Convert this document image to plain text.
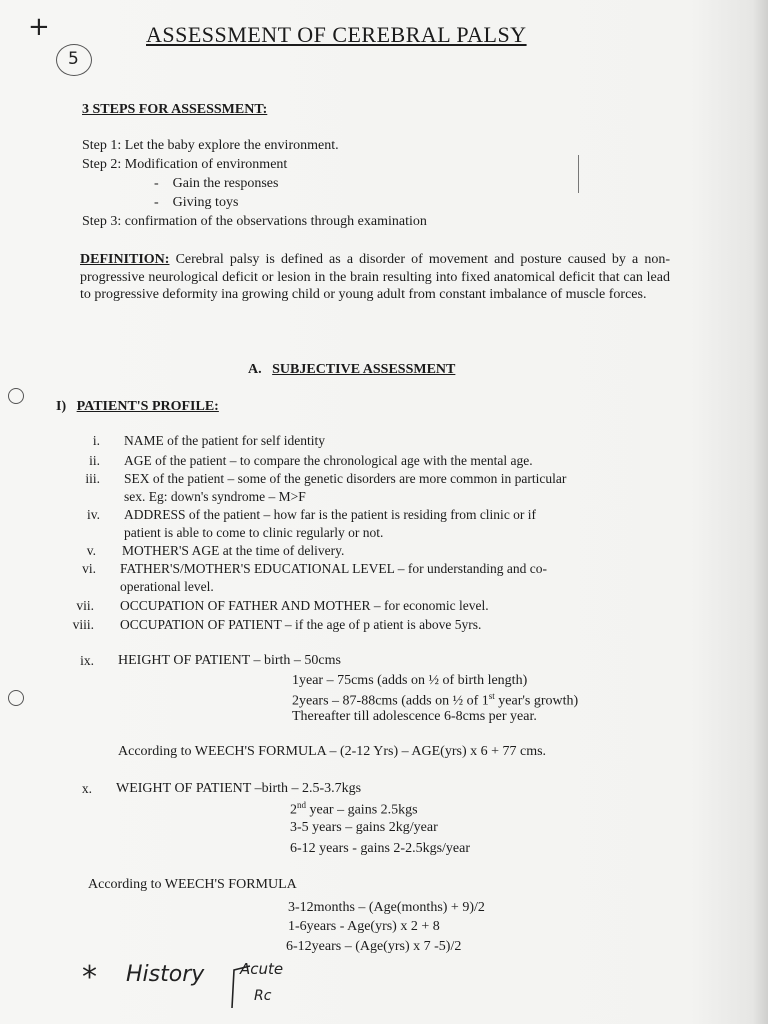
+
5
ASSESSMENT OF CEREBRAL PALSY
3 STEPS FOR ASSESSMENT:
Step 1: Let the baby explore the environment.
Step 2: Modification of environment
-    Gain the responses
-    Giving toys
Step 3: confirmation of the observations through examination
DEFINITION: Cerebral palsy is defined as a disorder of movement and posture caused by a non-progressive neurological deficit or lesion in the brain resulting into fixed anatomical deficit that can lead to progressive deformity ina growing child or young adult from constant imbalance of muscle forces.
A. SUBJECTIVE ASSESSMENT
I) PATIENT'S PROFILE:
i. NAME of the patient for self identity
ii. AGE of the patient – to compare the chronological age with the mental age.
iii. SEX of the patient – some of the genetic disorders are more common in particular
sex. Eg: down's syndrome – M>F
iv. ADDRESS of the patient – how far is the patient is residing from clinic or if
patient is able to come to clinic regularly or not.
v. MOTHER'S AGE at the time of delivery.
vi. FATHER'S/MOTHER'S EDUCATIONAL LEVEL – for understanding and co-
operational level.
vii. OCCUPATION OF FATHER AND MOTHER – for economic level.
viii. OCCUPATION OF PATIENT – if the age of p atient is above 5yrs.
ix. HEIGHT OF PATIENT – birth – 50cms
1year – 75cms (adds on ½ of birth length)
2years – 87-88cms (adds on ½ of 1st year's growth)
Thereafter till adolescence 6-8cms per year.
According to WEECH'S FORMULA – (2-12 Yrs) – AGE(yrs) x 6 + 77 cms.
x. WEIGHT OF PATIENT –birth – 2.5-3.7kgs
2nd year – gains 2.5kgs
3-5 years – gains 2kg/year
6-12 years - gains 2-2.5kgs/year
According to WEECH'S FORMULA
3-12months – (Age(months) + 9)/2
1-6years - Age(yrs) x 2 + 8
6-12years – (Age(yrs) x 7 -5)/2
* History Acute
Rc
